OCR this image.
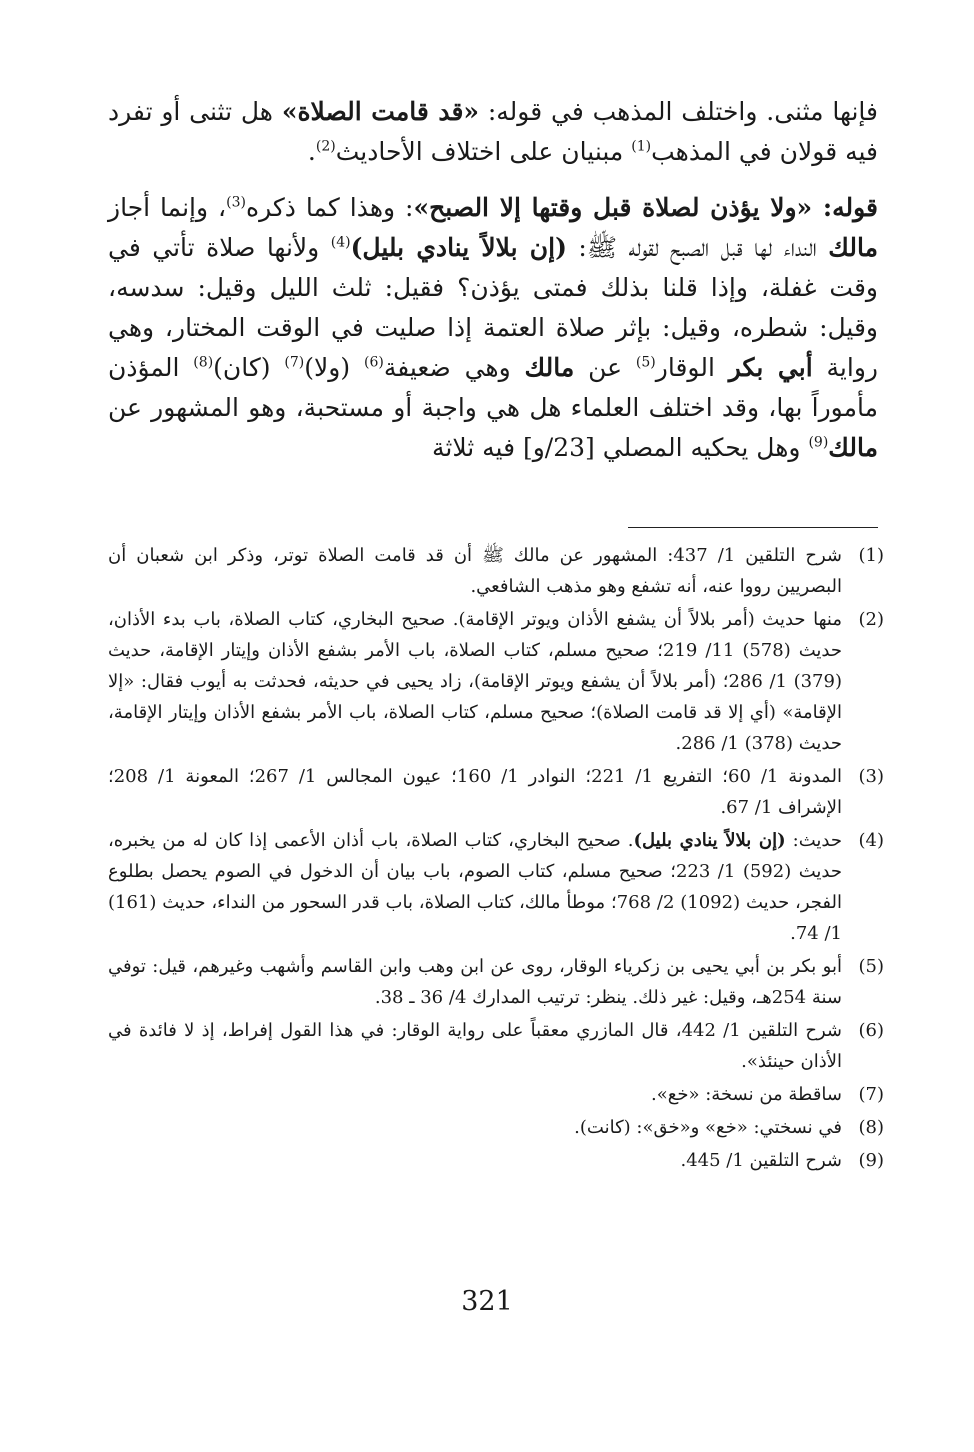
فإنها مثنى. واختلف المذهب في قوله: «قد قامت الصلاة» هل تثنى أو تفرد فيه قولان في المذهب$^{(1)}$ مبنيان على اختلاف الأحاديث$^{(2)}$.

قوله: «ولا يؤذن لصلاة قبل وقتها إلا الصبح»: وهذا كما ذكره$^{(3)}$، وإنما أجاز مالك النداء لها قبل الصبح لقوله ﷺ: (إن بلالاً ينادي بليل)$^{(4)}$ ولأنها صلاة تأتي في وقت غفلة، وإذا قلنا بذلك فمتى يؤذن؟ فقيل: ثلث الليل وقيل: سدسه، وقيل: شطره، وقيل: بإثر صلاة العتمة إذا صليت في الوقت المختار، وهي رواية أبي بكر الوقار$^{(5)}$ عن مالك وهي ضعيفة$^{(6)}$ (ولا)$^{(7)}$ (كان)$^{(8)}$ المؤذن مأموراً بها، وقد اختلف العلماء هل هي واجبة أو مستحبة، وهو المشهور عن مالك$^{(9)}$ وهل يحكيه المصلي [23/و] فيه ثلاثة

(1)
شرح التلقين 1/ 437: المشهور عن مالك ﷺ أن قد قامت الصلاة توتر، وذكر ابن شعبان أن البصريين رووا عنه، أنه تشفع وهو مذهب الشافعي.
(2)
منها حديث (أمر بلالاً أن يشفع الأذان ويوتر الإقامة). صحيح البخاري، كتاب الصلاة، باب بدء الأذان، حديث (578) 11/ 219؛ صحيح مسلم، كتاب الصلاة، باب الأمر بشفع الأذان وإيتار الإقامة، حديث (379) 1/ 286؛ (أمر بلالاً أن يشفع ويوتر الإقامة)، زاد يحيى في حديثه، فحدثت به أيوب فقال: «إلا الإقامة» (أي إلا قد قامت الصلاة)؛ صحيح مسلم، كتاب الصلاة، باب الأمر بشفع الأذان وإيتار الإقامة، حديث (378) 1/ 286.
(3)
المدونة 1/ 60؛ التفريع 1/ 221؛ النوادر 1/ 160؛ عيون المجالس 1/ 267؛ المعونة 1/ 208؛ الإشراف 1/ 67.
(4)
حديث: (إن بلالاً ينادي بليل). صحيح البخاري، كتاب الصلاة، باب أذان الأعمى إذا كان له من يخبره، حديث (592) 1/ 223؛ صحيح مسلم، كتاب الصوم، باب بيان أن الدخول في الصوم يحصل بطلوع الفجر، حديث (1092) 2/ 768؛ موطأ مالك، كتاب الصلاة، باب قدر السحور من النداء، حديث (161) 1/ 74.
(5)
أبو بكر بن أبي يحيى بن زكرياء الوقار، روى عن ابن وهب وابن القاسم وأشهب وغيرهم، قيل: توفي سنة 254هـ، وقيل: غير ذلك. ينظر: ترتيب المدارك 4/ 36 ـ 38.
(6)
شرح التلقين 1/ 442، قال المازري معقباً على رواية الوقار: في هذا القول إفراط، إذ لا فائدة في الأذان حينئذ».
(7)
ساقطة من نسخة: «خع».
(8)
في نسختي: «خع» و«خق»: (كانت).
(9)
شرح التلقين 1/ 445.
321
